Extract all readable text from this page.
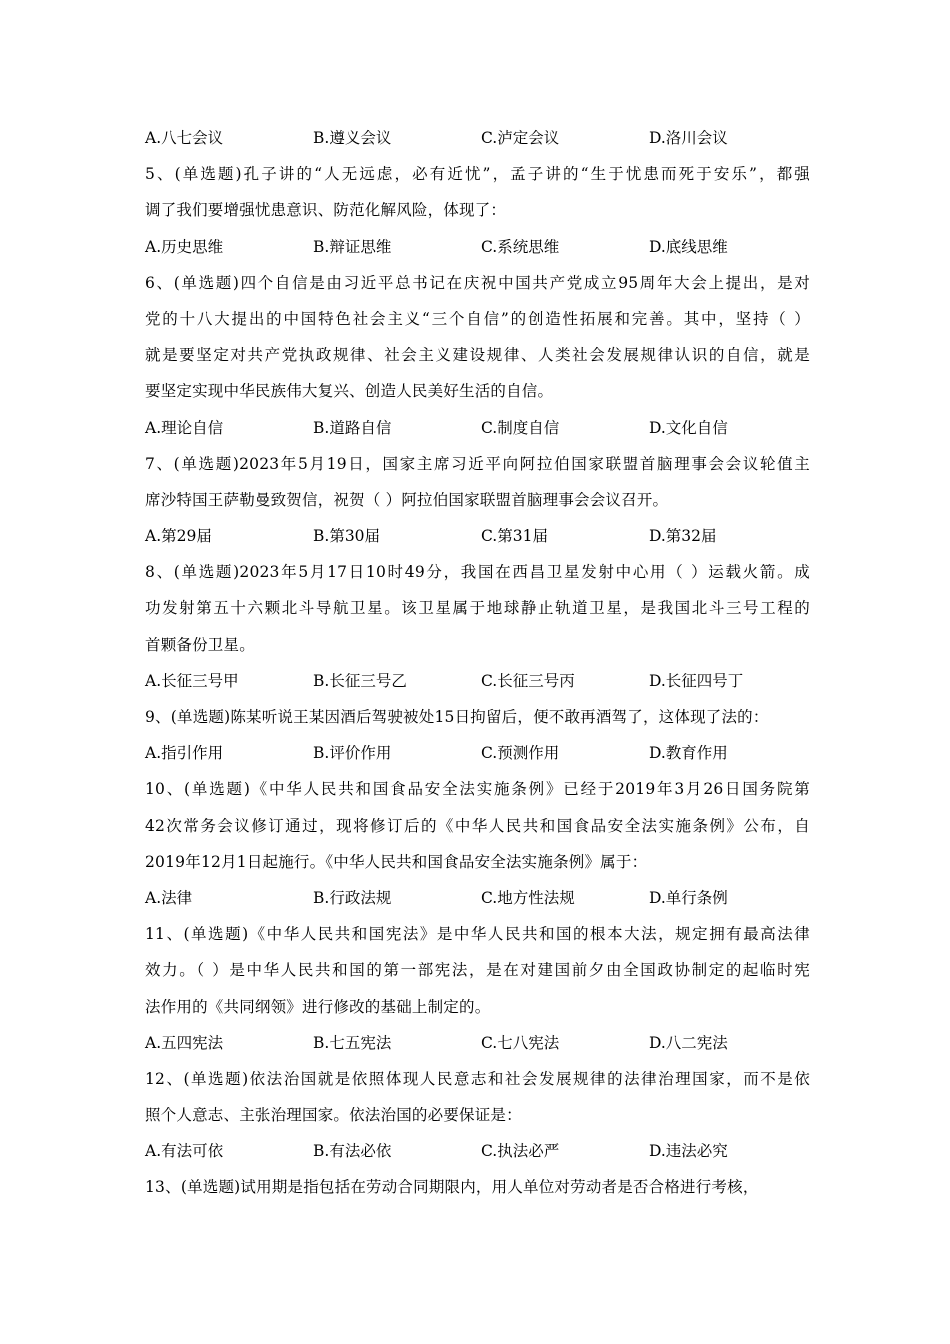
A.八七会议	B.遵义会议	C.泸定会议	D.洛川会议
5、(单选题)孔子讲的“人无远虑，必有近忧”，孟子讲的“生于忧患而死于安乐”，都强
调了我们要增强忧患意识、防范化解风险，体现了：
A.历史思维	B.辩证思维	C.系统思维	D.底线思维
6、(单选题)四个自信是由习近平总书记在庆祝中国共产党成立95周年大会上提出，是对
党的十八大提出的中国特色社会主义“三个自信”的创造性拓展和完善。其中，坚持（ ）
就是要坚定对共产党执政规律、社会主义建设规律、人类社会发展规律认识的自信，就是
要坚定实现中华民族伟大复兴、创造人民美好生活的自信。
A.理论自信	B.道路自信	C.制度自信	D.文化自信
7、(单选题)2023年5月19日，国家主席习近平向阿拉伯国家联盟首脑理事会会议轮值主
席沙特国王萨勒曼致贺信，祝贺（ ）阿拉伯国家联盟首脑理事会会议召开。
A.第29届	B.第30届	C.第31届	D.第32届
8、(单选题)2023年5月17日10时49分，我国在西昌卫星发射中心用（ ）运载火箭。成
功发射第五十六颗北斗导航卫星。该卫星属于地球静止轨道卫星，是我国北斗三号工程的
首颗备份卫星。
A.长征三号甲	B.长征三号乙	C.长征三号丙	D.长征四号丁
9、(单选题)陈某听说王某因酒后驾驶被处15日拘留后，便不敢再酒驾了，这体现了法的：
A.指引作用	B.评价作用	C.预测作用	D.教育作用
10、(单选题)《中华人民共和国食品安全法实施条例》已经于2019年3月26日国务院第
42次常务会议修订通过，现将修订后的《中华人民共和国食品安全法实施条例》公布，自
2019年12月1日起施行。《中华人民共和国食品安全法实施条例》属于：
A.法律	B.行政法规	C.地方性法规	D.单行条例
11、(单选题)《中华人民共和国宪法》是中华人民共和国的根本大法，规定拥有最高法律
效力。（ ）是中华人民共和国的第一部宪法，是在对建国前夕由全国政协制定的起临时宪
法作用的《共同纲领》进行修改的基础上制定的。
A.五四宪法	B.七五宪法	C.七八宪法	D.八二宪法
12、(单选题)依法治国就是依照体现人民意志和社会发展规律的法律治理国家，而不是依
照个人意志、主张治理国家。依法治国的必要保证是：
A.有法可依	B.有法必依	C.执法必严	D.违法必究
13、(单选题)试用期是指包括在劳动合同期限内，用人单位对劳动者是否合格进行考核，
